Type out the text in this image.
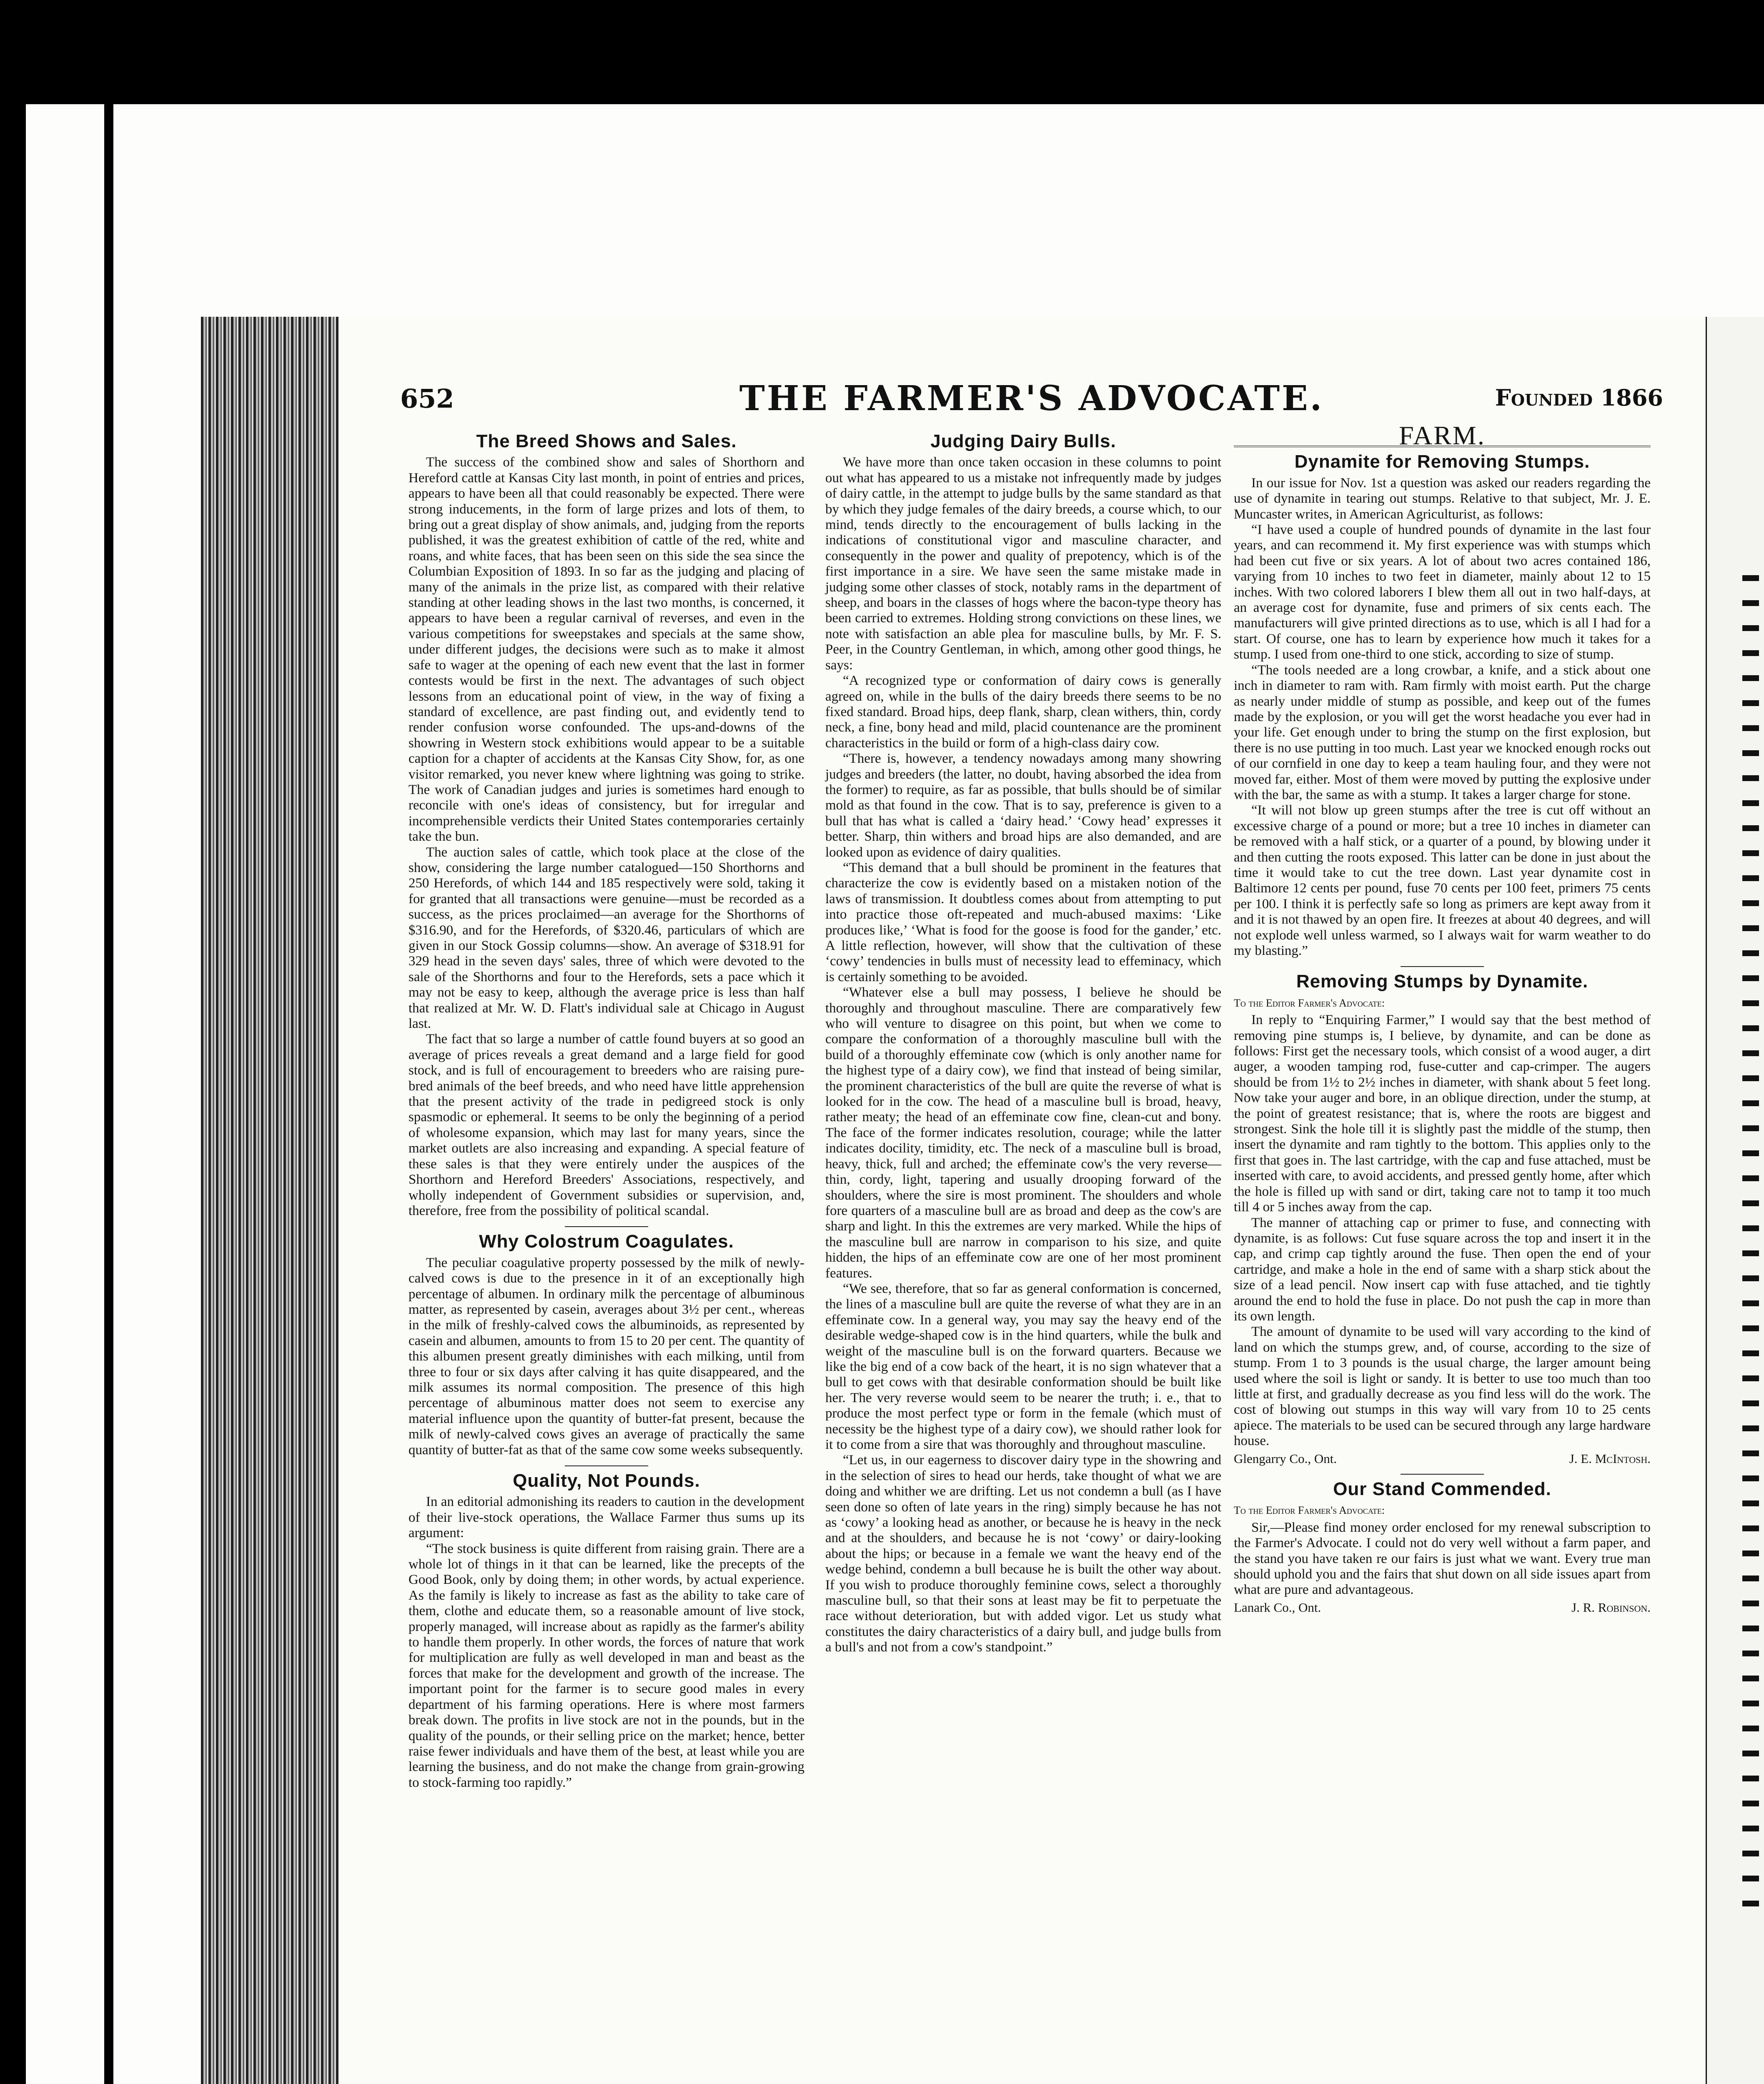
652	THE FARMER'S ADVOCATE.	Founded 1866
The Breed Shows and Sales.

The success of the combined show and sales of Shorthorn and Hereford cattle at Kansas City last month, in point of entries and prices, appears to have been all that could reasonably be expected. There were strong inducements, in the form of large prizes and lots of them, to bring out a great display of show animals, and, judging from the reports published, it was the greatest exhibition of cattle of the red, white and roans, and white faces, that has been seen on this side the sea since the Columbian Exposition of 1893. In so far as the judging and placing of many of the animals in the prize list, as compared with their relative standing at other leading shows in the last two months, is concerned, it appears to have been a regular carnival of reverses, and even in the various competitions for sweepstakes and specials at the same show, under different judges, the decisions were such as to make it almost safe to wager at the opening of each new event that the last in former contests would be first in the next. The advantages of such object lessons from an educational point of view, in the way of fixing a standard of excellence, are past finding out, and evidently tend to render confusion worse confounded. The ups-and-downs of the showring in Western stock exhibitions would appear to be a suitable caption for a chapter of accidents at the Kansas City Show, for, as one visitor remarked, you never knew where lightning was going to strike. The work of Canadian judges and juries is sometimes hard enough to reconcile with one's ideas of consistency, but for irregular and incomprehensible verdicts their United States contemporaries certainly take the bun.

The auction sales of cattle, which took place at the close of the show, considering the large number catalogued—150 Shorthorns and 250 Herefords, of which 144 and 185 respectively were sold, taking it for granted that all transactions were genuine—must be recorded as a success, as the prices proclaimed—an average for the Shorthorns of $316.90, and for the Herefords, of $320.46, particulars of which are given in our Stock Gossip columns—show. An average of $318.91 for 329 head in the seven days' sales, three of which were devoted to the sale of the Shorthorns and four to the Herefords, sets a pace which it may not be easy to keep, although the average price is less than half that realized at Mr. W. D. Flatt's individual sale at Chicago in August last.

The fact that so large a number of cattle found buyers at so good an average of prices reveals a great demand and a large field for good stock, and is full of encouragement to breeders who are raising pure-bred animals of the beef breeds, and who need have little apprehension that the present activity of the trade in pedigreed stock is only spasmodic or ephemeral. It seems to be only the beginning of a period of wholesome expansion, which may last for many years, since the market outlets are also increasing and expanding. A special feature of these sales is that they were entirely under the auspices of the Shorthorn and Hereford Breeders' Associations, respectively, and wholly independent of Government subsidies or supervision, and, therefore, free from the possibility of political scandal.

Why Colostrum Coagulates.

The peculiar coagulative property possessed by the milk of newly-calved cows is due to the presence in it of an exceptionally high percentage of albumen. In ordinary milk the percentage of albuminous matter, as represented by casein, averages about 3½ per cent., whereas in the milk of freshly-calved cows the albuminoids, as represented by casein and albumen, amounts to from 15 to 20 per cent. The quantity of this albumen present greatly diminishes with each milking, until from three to four or six days after calving it has quite disappeared, and the milk assumes its normal composition. The presence of this high percentage of albuminous matter does not seem to exercise any material influence upon the quantity of butter-fat present, because the milk of newly-calved cows gives an average of practically the same quantity of butter-fat as that of the same cow some weeks subsequently.

Quality, Not Pounds.

In an editorial admonishing its readers to caution in the development of their live-stock operations, the Wallace Farmer thus sums up its argument:

“The stock business is quite different from raising grain. There are a whole lot of things in it that can be learned, like the precepts of the Good Book, only by doing them; in other words, by actual experience. As the family is likely to increase as fast as the ability to take care of them, clothe and educate them, so a reasonable amount of live stock, properly managed, will increase about as rapidly as the farmer's ability to handle them properly. In other words, the forces of nature that work for multiplication are fully as well developed in man and beast as the forces that make for the development and growth of the increase. The important point for the farmer is to secure good males in every department of his farming operations. Here is where most farmers break down. The profits in live stock are not in the pounds, but in the quality of the pounds, or their selling price on the market; hence, better raise fewer individuals and have them of the best, at least while you are learning the business, and do not make the change from grain-growing to stock-farming too rapidly.”

Judging Dairy Bulls.

We have more than once taken occasion in these columns to point out what has appeared to us a mistake not infrequently made by judges of dairy cattle, in the attempt to judge bulls by the same standard as that by which they judge females of the dairy breeds, a course which, to our mind, tends directly to the encouragement of bulls lacking in the indications of constitutional vigor and masculine character, and consequently in the power and quality of prepotency, which is of the first importance in a sire. We have seen the same mistake made in judging some other classes of stock, notably rams in the department of sheep, and boars in the classes of hogs where the bacon-type theory has been carried to extremes. Holding strong convictions on these lines, we note with satisfaction an able plea for masculine bulls, by Mr. F. S. Peer, in the Country Gentleman, in which, among other good things, he says:

“A recognized type or conformation of dairy cows is generally agreed on, while in the bulls of the dairy breeds there seems to be no fixed standard. Broad hips, deep flank, sharp, clean withers, thin, cordy neck, a fine, bony head and mild, placid countenance are the prominent characteristics in the build or form of a high-class dairy cow.

“There is, however, a tendency nowadays among many showring judges and breeders (the latter, no doubt, having absorbed the idea from the former) to require, as far as possible, that bulls should be of similar mold as that found in the cow. That is to say, preference is given to a bull that has what is called a ‘dairy head.’ ‘Cowy head’ expresses it better. Sharp, thin withers and broad hips are also demanded, and are looked upon as evidence of dairy qualities.

“This demand that a bull should be prominent in the features that characterize the cow is evidently based on a mistaken notion of the laws of transmission. It doubtless comes about from attempting to put into practice those oft-repeated and much-abused maxims: ‘Like produces like,’ ‘What is food for the goose is food for the gander,’ etc. A little reflection, however, will show that the cultivation of these ‘cowy’ tendencies in bulls must of necessity lead to effeminacy, which is certainly something to be avoided.

“Whatever else a bull may possess, I believe he should be thoroughly and throughout masculine. There are comparatively few who will venture to disagree on this point, but when we come to compare the conformation of a thoroughly masculine bull with the build of a thoroughly effeminate cow (which is only another name for the highest type of a dairy cow), we find that instead of being similar, the prominent characteristics of the bull are quite the reverse of what is looked for in the cow. The head of a masculine bull is broad, heavy, rather meaty; the head of an effeminate cow fine, clean-cut and bony. The face of the former indicates resolution, courage; while the latter indicates docility, timidity, etc. The neck of a masculine bull is broad, heavy, thick, full and arched; the effeminate cow's the very reverse—thin, cordy, light, tapering and usually drooping forward of the shoulders, where the sire is most prominent. The shoulders and whole fore quarters of a masculine bull are as broad and deep as the cow's are sharp and light. In this the extremes are very marked. While the hips of the masculine bull are narrow in comparison to his size, and quite hidden, the hips of an effeminate cow are one of her most prominent features.

“We see, therefore, that so far as general conformation is concerned, the lines of a masculine bull are quite the reverse of what they are in an effeminate cow. In a general way, you may say the heavy end of the desirable wedge-shaped cow is in the hind quarters, while the bulk and weight of the masculine bull is on the forward quarters. Because we like the big end of a cow back of the heart, it is no sign whatever that a bull to get cows with that desirable conformation should be built like her. The very reverse would seem to be nearer the truth; i. e., that to produce the most perfect type or form in the female (which must of necessity be the highest type of a dairy cow), we should rather look for it to come from a sire that was thoroughly and throughout masculine.

“Let us, in our eagerness to discover dairy type in the showring and in the selection of sires to head our herds, take thought of what we are doing and whither we are drifting. Let us not condemn a bull (as I have seen done so often of late years in the ring) simply because he has not as ‘cowy’ a looking head as another, or because he is heavy in the neck and at the shoulders, and because he is not ‘cowy’ or dairy-looking about the hips; or because in a female we want the heavy end of the wedge behind, condemn a bull because he is built the other way about. If you wish to produce thoroughly feminine cows, select a thoroughly masculine bull, so that their sons at least may be fit to perpetuate the race without deterioration, but with added vigor. Let us study what constitutes the dairy characteristics of a dairy bull, and judge bulls from a bull's and not from a cow's standpoint.”

FARM.
Dynamite for Removing Stumps.

In our issue for Nov. 1st a question was asked our readers regarding the use of dynamite in tearing out stumps. Relative to that subject, Mr. J. E. Muncaster writes, in American Agriculturist, as follows:

“I have used a couple of hundred pounds of dynamite in the last four years, and can recommend it. My first experience was with stumps which had been cut five or six years. A lot of about two acres contained 186, varying from 10 inches to two feet in diameter, mainly about 12 to 15 inches. With two colored laborers I blew them all out in two half-days, at an average cost for dynamite, fuse and primers of six cents each. The manufacturers will give printed directions as to use, which is all I had for a start. Of course, one has to learn by experience how much it takes for a stump. I used from one-third to one stick, according to size of stump.

“The tools needed are a long crowbar, a knife, and a stick about one inch in diameter to ram with. Ram firmly with moist earth. Put the charge as nearly under middle of stump as possible, and keep out of the fumes made by the explosion, or you will get the worst headache you ever had in your life. Get enough under to bring the stump on the first explosion, but there is no use putting in too much. Last year we knocked enough rocks out of our cornfield in one day to keep a team hauling four, and they were not moved far, either. Most of them were moved by putting the explosive under with the bar, the same as with a stump. It takes a larger charge for stone.

“It will not blow up green stumps after the tree is cut off without an excessive charge of a pound or more; but a tree 10 inches in diameter can be removed with a half stick, or a quarter of a pound, by blowing under it and then cutting the roots exposed. This latter can be done in just about the time it would take to cut the tree down. Last year dynamite cost in Baltimore 12 cents per pound, fuse 70 cents per 100 feet, primers 75 cents per 100. I think it is perfectly safe so long as primers are kept away from it and it is not thawed by an open fire. It freezes at about 40 degrees, and will not explode well unless warmed, so I always wait for warm weather to do my blasting.”

Removing Stumps by Dynamite.
To the Editor Farmer's Advocate:

In reply to “Enquiring Farmer,” I would say that the best method of removing pine stumps is, I believe, by dynamite, and can be done as follows: First get the necessary tools, which consist of a wood auger, a dirt auger, a wooden tamping rod, fuse-cutter and cap-crimper. The augers should be from 1½ to 2½ inches in diameter, with shank about 5 feet long. Now take your auger and bore, in an oblique direction, under the stump, at the point of greatest resistance; that is, where the roots are biggest and strongest. Sink the hole till it is slightly past the middle of the stump, then insert the dynamite and ram tightly to the bottom. This applies only to the first that goes in. The last cartridge, with the cap and fuse attached, must be inserted with care, to avoid accidents, and pressed gently home, after which the hole is filled up with sand or dirt, taking care not to tamp it too much till 4 or 5 inches away from the cap.

The manner of attaching cap or primer to fuse, and connecting with dynamite, is as follows: Cut fuse square across the top and insert it in the cap, and crimp cap tightly around the fuse. Then open the end of your cartridge, and make a hole in the end of same with a sharp stick about the size of a lead pencil. Now insert cap with fuse attached, and tie tightly around the end to hold the fuse in place. Do not push the cap in more than its own length.

The amount of dynamite to be used will vary according to the kind of land on which the stumps grew, and, of course, according to the size of stump. From 1 to 3 pounds is the usual charge, the larger amount being used where the soil is light or sandy. It is better to use too much than too little at first, and gradually decrease as you find less will do the work. The cost of blowing out stumps in this way will vary from 10 to 25 cents apiece. The materials to be used can be secured through any large hardware house.

Glengarry Co., Ont.	J. E. McIntosh.
Our Stand Commended.
To the Editor Farmer's Advocate:

Sir,—Please find money order enclosed for my renewal subscription to the Farmer's Advocate. I could not do very well without a farm paper, and the stand you have taken re our fairs is just what we want. Every true man should uphold you and the fairs that shut down on all side issues apart from what are pure and advantageous.

Lanark Co., Ont.	J. R. Robinson.
